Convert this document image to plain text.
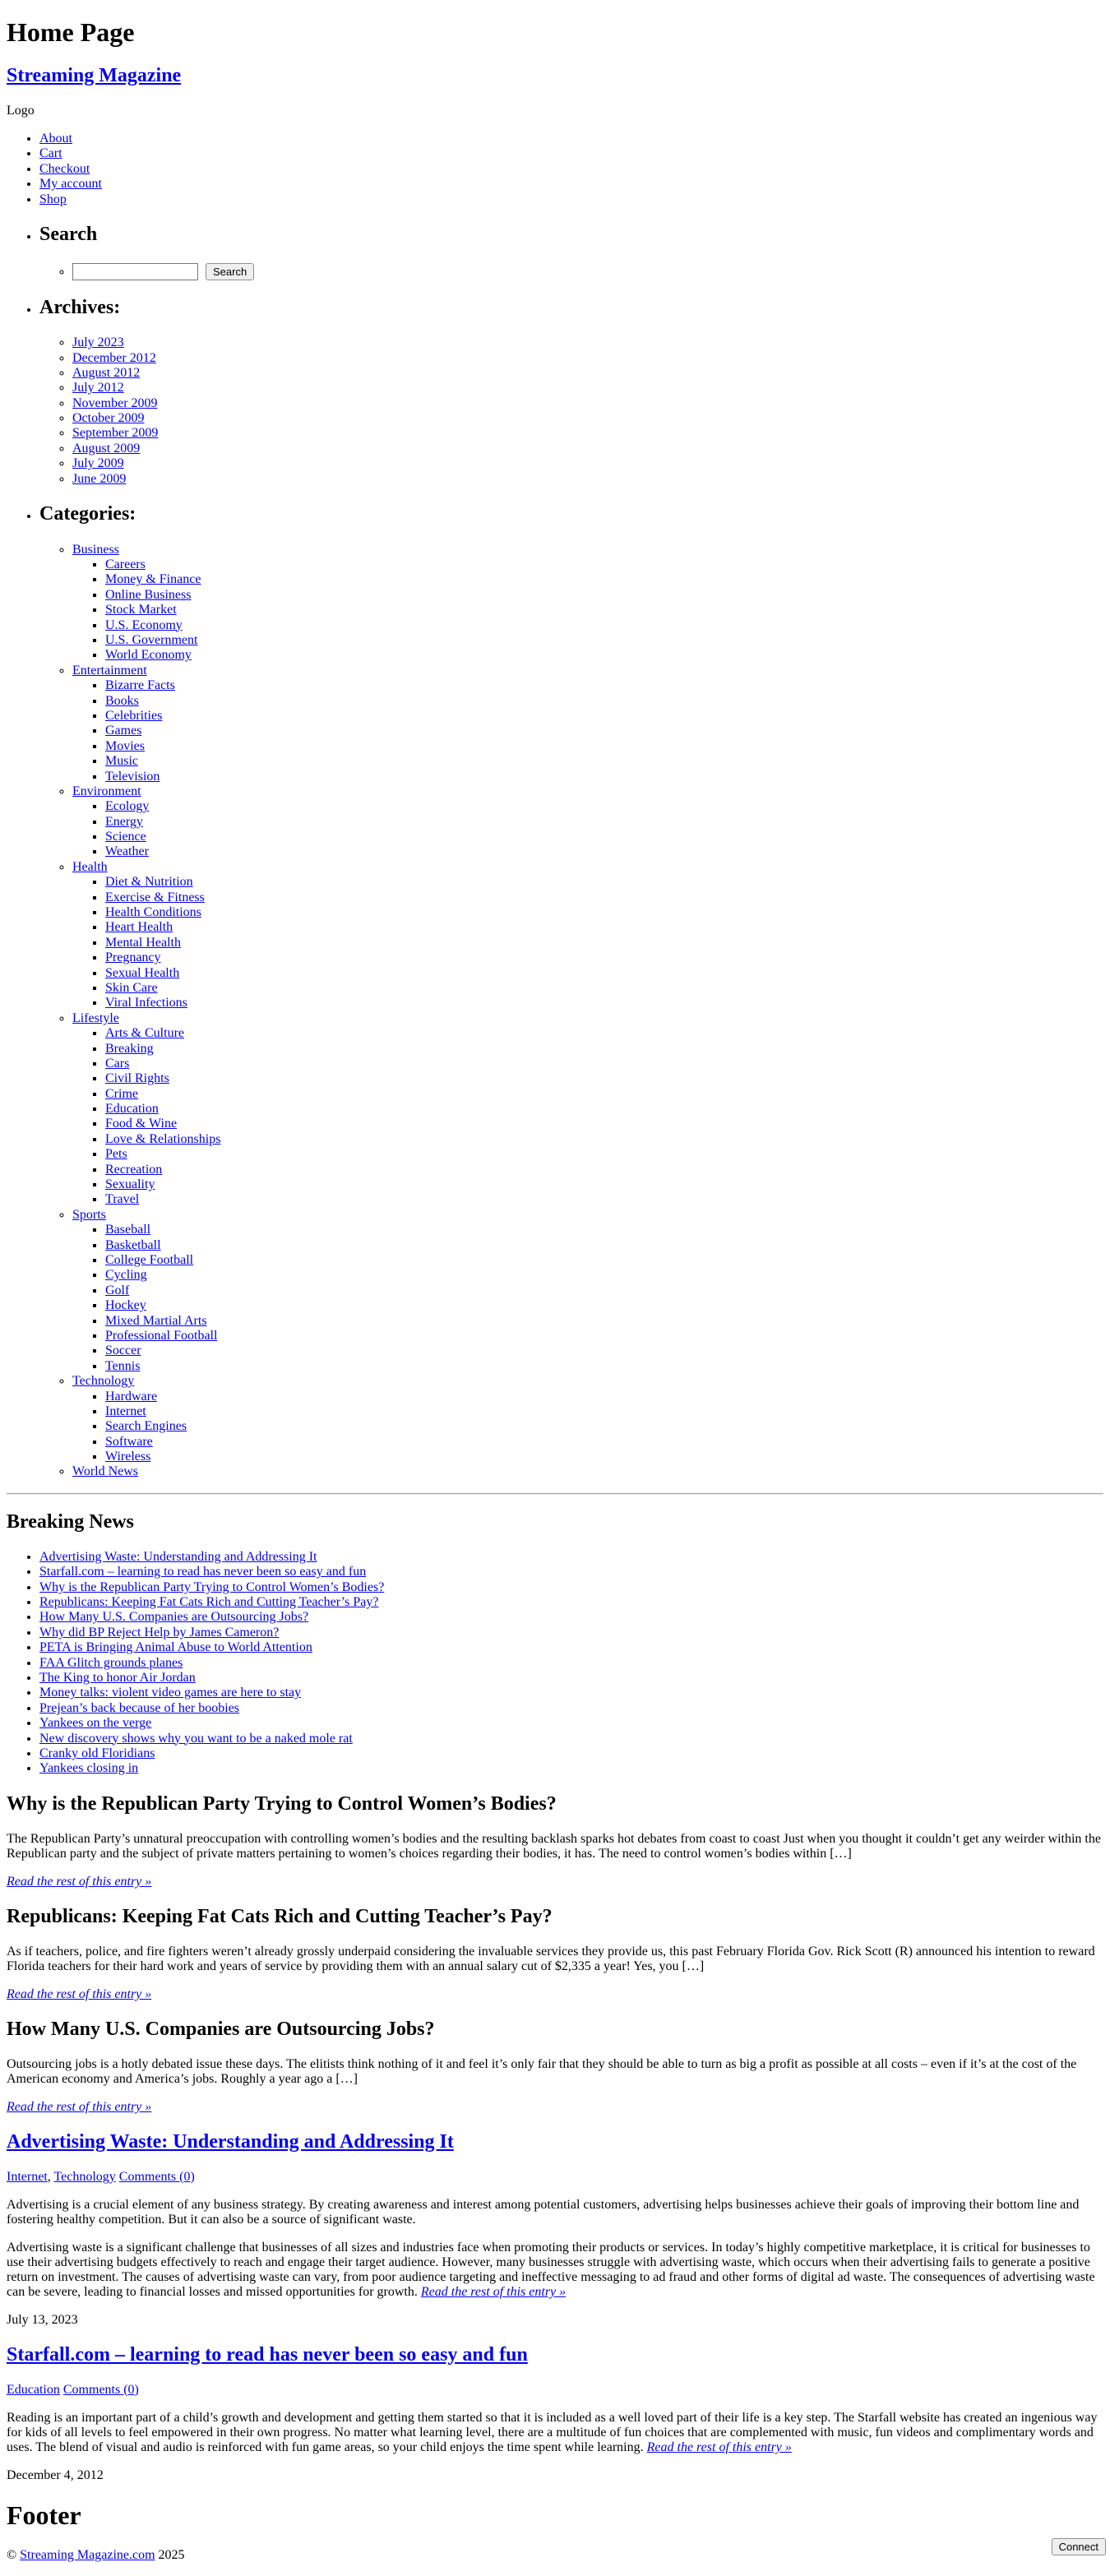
Home Page
Streaming Magazine

Logo

• About
• Cart
• Checkout
• My account
• Shop
• Search
◦  Search
• Archives:
◦ July 2023
◦ December 2012
◦ August 2012
◦ July 2012
◦ November 2009
◦ October 2009
◦ September 2009
◦ August 2009
◦ July 2009
◦ June 2009
• Categories:
◦ Business
▪ Careers
▪ Money & Finance
▪ Online Business
▪ Stock Market
▪ U.S. Economy
▪ U.S. Government
▪ World Economy
◦ Entertainment
▪ Bizarre Facts
▪ Books
▪ Celebrities
▪ Games
▪ Movies
▪ Music
▪ Television
◦ Environment
▪ Ecology
▪ Energy
▪ Science
▪ Weather
◦ Health
▪ Diet & Nutrition
▪ Exercise & Fitness
▪ Health Conditions
▪ Heart Health
▪ Mental Health
▪ Pregnancy
▪ Sexual Health
▪ Skin Care
▪ Viral Infections
◦ Lifestyle
▪ Arts & Culture
▪ Breaking
▪ Cars
▪ Civil Rights
▪ Crime
▪ Education
▪ Food & Wine
▪ Love & Relationships
▪ Pets
▪ Recreation
▪ Sexuality
▪ Travel
◦ Sports
▪ Baseball
▪ Basketball
▪ College Football
▪ Cycling
▪ Golf
▪ Hockey
▪ Mixed Martial Arts
▪ Professional Football
▪ Soccer
▪ Tennis
◦ Technology
▪ Hardware
▪ Internet
▪ Search Engines
▪ Software
▪ Wireless
◦ World News
Breaking News
• Advertising Waste: Understanding and Addressing It
• Starfall.com – learning to read has never been so easy and fun
• Why is the Republican Party Trying to Control Women’s Bodies?
• Republicans: Keeping Fat Cats Rich and Cutting Teacher’s Pay?
• How Many U.S. Companies are Outsourcing Jobs?
• Why did BP Reject Help by James Cameron?
• PETA is Bringing Animal Abuse to World Attention
• FAA Glitch grounds planes
• The King to honor Air Jordan
• Money talks: violent video games are here to stay
• Prejean’s back because of her boobies
• Yankees on the verge
• New discovery shows why you want to be a naked mole rat
• Cranky old Floridians
• Yankees closing in
Why is the Republican Party Trying to Control Women’s Bodies?

The Republican Party’s unnatural preoccupation with controlling women’s bodies and the resulting backlash sparks hot debates from coast to coast Just when you thought it couldn’t get any weirder within the Republican party and the subject of private matters pertaining to women’s choices regarding their bodies, it has. The need to control women’s bodies within […]

Read the rest of this entry »

Republicans: Keeping Fat Cats Rich and Cutting Teacher’s Pay?

As if teachers, police, and fire fighters weren’t already grossly underpaid considering the invaluable services they provide us, this past February Florida Gov. Rick Scott (R) announced his intention to reward Florida teachers for their hard work and years of service by providing them with an annual salary cut of $2,335 a year! Yes, you […]

Read the rest of this entry »

How Many U.S. Companies are Outsourcing Jobs?

Outsourcing jobs is a hotly debated issue these days. The elitists think nothing of it and feel it’s only fair that they should be able to turn as big a profit as possible at all costs – even if it’s at the cost of the American economy and America’s jobs. Roughly a year ago a […]

Read the rest of this entry »

Advertising Waste: Understanding and Addressing It

Internet, Technology Comments (0)

Advertising is a crucial element of any business strategy. By creating awareness and interest among potential customers, advertising helps businesses achieve their goals of improving their bottom line and fostering healthy competition. But it can also be a source of significant waste.

Advertising waste is a significant challenge that businesses of all sizes and industries face when promoting their products or services. In today’s highly competitive marketplace, it is critical for businesses to use their advertising budgets effectively to reach and engage their target audience. However, many businesses struggle with advertising waste, which occurs when their advertising fails to generate a positive return on investment. The causes of advertising waste can vary, from poor audience targeting and ineffective messaging to ad fraud and other forms of digital ad waste. The consequences of advertising waste can be severe, leading to financial losses and missed opportunities for growth. Read the rest of this entry »

July 13, 2023

Starfall.com – learning to read has never been so easy and fun

Education Comments (0)

Reading is an important part of a child’s growth and development and getting them started so that it is included as a well loved part of their life is a key step. The Starfall website has created an ingenious way for kids of all levels to feel empowered in their own progress. No matter what learning level, there are a multitude of fun choices that are complemented with music, fun videos and complimentary words and uses. The blend of visual and audio is reinforced with fun game areas, so your child enjoys the time spent while learning. Read the rest of this entry »

December 4, 2012

Footer

© Streaming Magazine.com 2025

Connect
